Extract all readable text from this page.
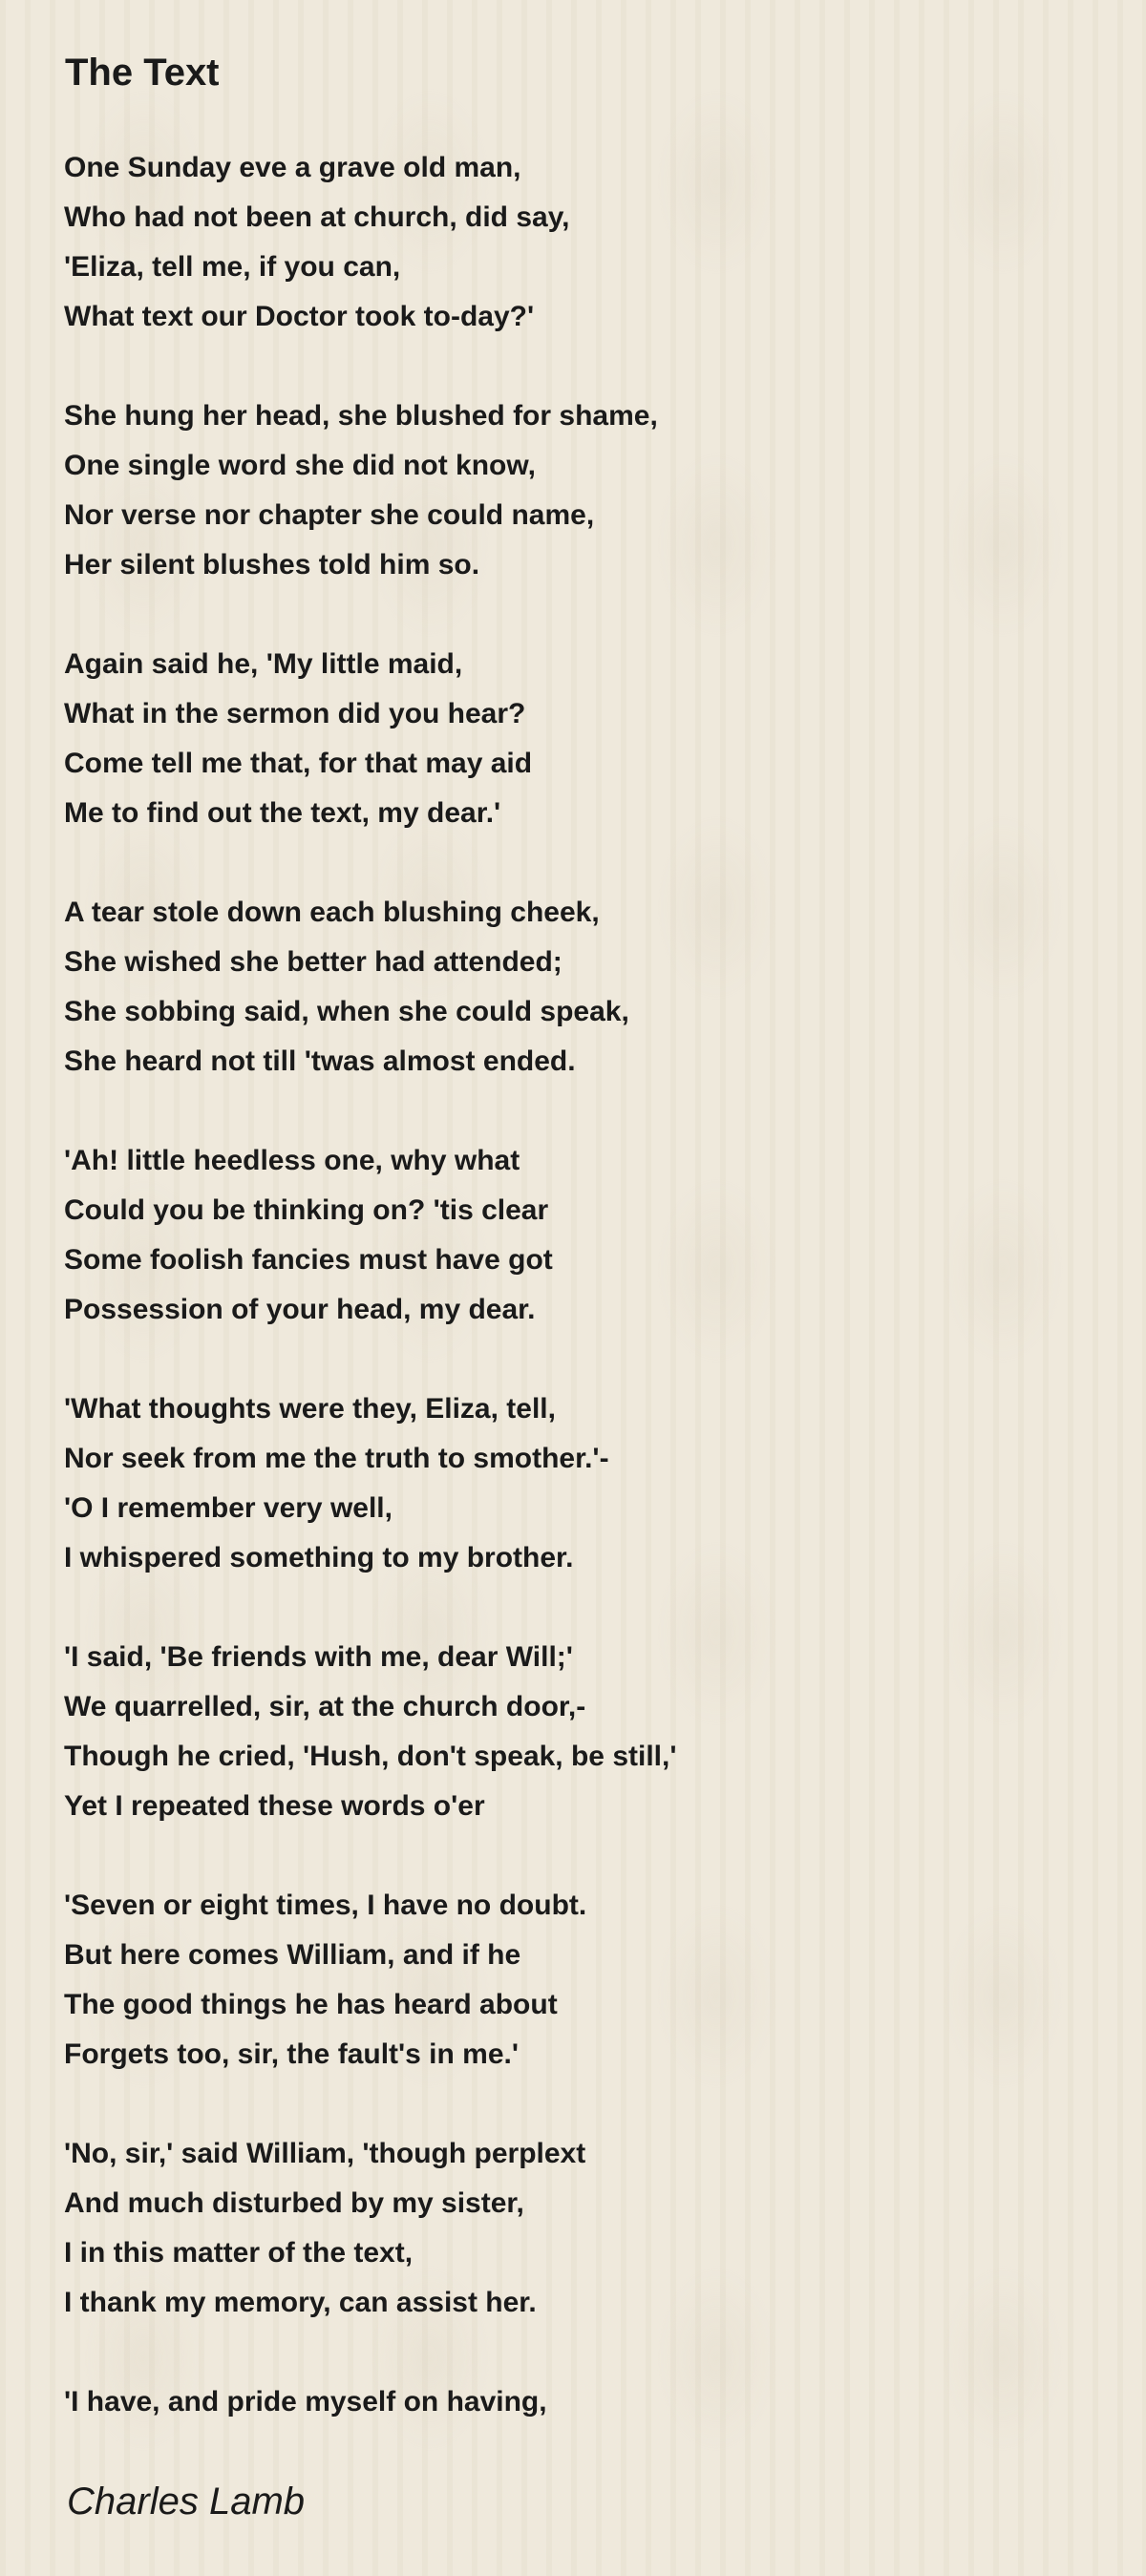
The Text
One Sunday eve a grave old man,
Who had not been at church, did say,
'Eliza, tell me, if you can,
What text our Doctor took to-day?'
She hung her head, she blushed for shame,
One single word she did not know,
Nor verse nor chapter she could name,
Her silent blushes told him so.
Again said he, 'My little maid,
What in the sermon did you hear?
Come tell me that, for that may aid
Me to find out the text, my dear.'
A tear stole down each blushing cheek,
She wished she better had attended;
She sobbing said, when she could speak,
She heard not till 'twas almost ended.
'Ah! little heedless one, why what
Could you be thinking on? 'tis clear
Some foolish fancies must have got
Possession of your head, my dear.
'What thoughts were they, Eliza, tell,
Nor seek from me the truth to smother.'-
'O I remember very well,
I whispered something to my brother.
'I said, 'Be friends with me, dear Will;'
We quarrelled, sir, at the church door,-
Though he cried, 'Hush, don't speak, be still,'
Yet I repeated these words o'er
'Seven or eight times, I have no doubt.
But here comes William, and if he
The good things he has heard about
Forgets too, sir, the fault's in me.'
'No, sir,' said William, 'though perplext
And much disturbed by my sister,
I in this matter of the text,
I thank my memory, can assist her.
'I have, and pride myself on having,
Charles Lamb
